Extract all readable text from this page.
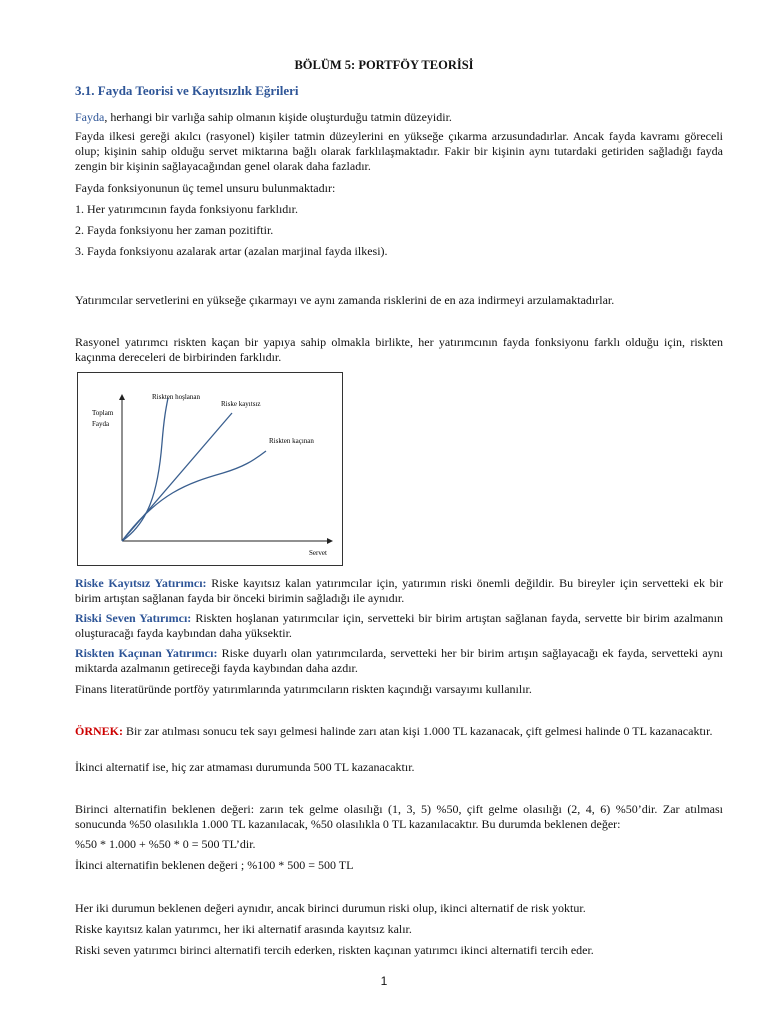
BÖLÜM 5: PORTFÖY TEORİSİ
3.1. Fayda Teorisi ve Kayıtsızlık Eğrileri
Fayda, herhangi bir varlığa sahip olmanın kişide oluşturduğu tatmin düzeyidir.
Fayda ilkesi gereği akılcı (rasyonel) kişiler tatmin düzeylerini en yükseğe çıkarma arzusundadırlar. Ancak fayda kavramı göreceli olup; kişinin sahip olduğu servet miktarına bağlı olarak farklılaşmaktadır. Fakir bir kişinin aynı tutardaki getiriden sağladığı fayda zengin bir kişinin sağlayacağından genel olarak daha fazladır.
Fayda fonksiyonunun üç temel unsuru bulunmaktadır:
1. Her yatırımcının fayda fonksiyonu farklıdır.
2. Fayda fonksiyonu her zaman pozitiftir.
3. Fayda fonksiyonu azalarak artar (azalan marjinal fayda ilkesi).
Yatırımcılar servetlerini en yükseğe çıkarmayı ve aynı zamanda risklerini de en aza indirmeyi arzulamaktadırlar.
Rasyonel yatırımcı riskten kaçan bir yapıya sahip olmakla birlikte, her yatırımcının fayda fonksiyonu farklı olduğu için, riskten kaçınma dereceleri de birbirinden farklıdır.
Toplam
Fayda
Servet
Riskten hoşlanan
Riske kayıtsız
Riskten kaçınan
Riske Kayıtsız Yatırımcı: Riske kayıtsız kalan yatırımcılar için, yatırımın riski önemli değildir. Bu bireyler için servetteki ek bir birim artıştan sağlanan fayda bir önceki birimin sağladığı ile aynıdır.
Riski Seven Yatırımcı: Riskten hoşlanan yatırımcılar için, servetteki bir birim artıştan sağlanan fayda, servette bir birim azalmanın oluşturacağı fayda kaybından daha yüksektir.
Riskten Kaçınan Yatırımcı: Riske duyarlı olan yatırımcılarda, servetteki her bir birim artışın sağlayacağı ek fayda, servetteki aynı miktarda azalmanın getireceği fayda kaybından daha azdır.
Finans literatüründe portföy yatırımlarında yatırımcıların riskten kaçındığı varsayımı kullanılır.
ÖRNEK: Bir zar atılması sonucu tek sayı gelmesi halinde zarı atan kişi 1.000 TL kazanacak, çift gelmesi halinde 0 TL kazanacaktır.
İkinci alternatif ise, hiç zar atmaması durumunda 500 TL kazanacaktır.
Birinci alternatifin beklenen değeri: zarın tek gelme olasılığı (1, 3, 5) %50, çift gelme olasılığı (2, 4, 6) %50’dir. Zar atılması sonucunda %50 olasılıkla 1.000 TL kazanılacak, %50 olasılıkla 0 TL kazanılacaktır. Bu durumda beklenen değer:
%50 * 1.000 + %50 * 0 = 500 TL’dir.
İkinci alternatifin beklenen değeri ; %100 * 500 = 500 TL
Her iki durumun beklenen değeri aynıdır, ancak birinci durumun riski olup, ikinci alternatif de risk yoktur.
Riske kayıtsız kalan yatırımcı, her iki alternatif arasında kayıtsız kalır.
Riski seven yatırımcı birinci alternatifi tercih ederken, riskten kaçınan yatırımcı ikinci alternatifi tercih eder.
1
